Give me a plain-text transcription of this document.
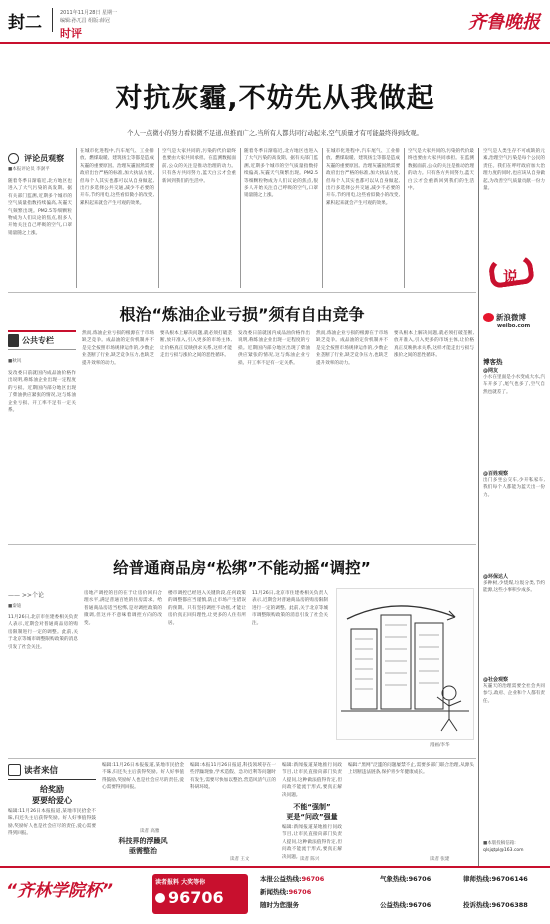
封二	2011年11月28日 星期一
编辑:孙兀昌 组版:薛冠
时评
齐鲁晚报
对抗灰霾,不妨先从我做起
个人一点微小的努力看似微不足道,但推而广之,当所有人都共同行动起来,空气质量才有可能最终得到改观。
评论员观察
■本报评论员 李澍平
随着冬季日渐临近,北方地区也进入了大气污染的高发期。据有关部门监测,近期多个城市的空气质量指数持续偏高,灰霾天气频繁出现。PM2.5等细颗粒物成为人们议论的焦点,很多人开始关注自己呼吸的空气,口罩销量随之上涨。
在城市化进程中,汽车尾气、工业排放、燃煤取暖、建筑扬尘等都是造成灰霾的重要原因。治理灰霾固然需要政府出台严格的标准,加大执法力度,但每个人其实也都可以从自身做起,出行多选择公共交通,减少不必要的开车,节约用电,这些看似微小的改变,累积起来就会产生可观的效果。
空气是大家共同的,污染的代价最终也要由大家共同承担。在监测数据面前,公众的关注是推动治理的动力。只有各方共同努力,蓝天白云才会重新回到我们的生活中。
随着冬季日渐临近,北方地区也进入了大气污染的高发期。据有关部门监测,近期多个城市的空气质量指数持续偏高,灰霾天气频繁出现。PM2.5等细颗粒物成为人们议论的焦点,很多人开始关注自己呼吸的空气,口罩销量随之上涨。
在城市化进程中,汽车尾气、工业排放、燃煤取暖、建筑扬尘等都是造成灰霾的重要原因。治理灰霾固然需要政府出台严格的标准,加大执法力度,但每个人其实也都可以从自身做起,出行多选择公共交通,减少不必要的开车,节约用电,这些看似微小的改变,累积起来就会产生可观的效果。
空气是大家共同的,污染的代价最终也要由大家共同承担。在监测数据面前,公众的关注是推动治理的动力。只有各方共同努力,蓝天白云才会重新回到我们的生活中。
空气是人类生存不可或缺的元素,治理空气污染是每个公民的责任。我们在呼吁政府加大治理力度的同时,也应该从自身做起,为改善空气质量贡献一份力量。
说
新浪微博
weibo.com
博客热
@网友
小水在里面是小水变成大水,汽车开多了,尾气也多了,空气自然也就差了。
@百姓观察
出门多坐公交车,少开私家车,我们每个人都能为蓝天出一份力。
@环保达人
多种树,少烧煤,垃圾分类,节约能源,这些小事积少成多。
@社会观察
灰霾天的治理需要全社会共同参与,政府、企业和个人都有责任。
■本版投稿信箱:
qlsjqtpl@163.com
根治“炼油企业亏损”须有自由竞争
公共专栏
■秋风
发改委日前就国内成品油价格作出说明,称炼油企业出现一定程度的亏损。近期国内部分地区出现了柴油供应紧张的情况,这与炼油企业亏损、开工率不足有一定关系。
然而,炼油企业亏损的根源在于市场缺乏竞争。成品油的定价机制并不是完全按照市场规律运作的,少数企业垄断了行业,缺乏竞争压力,也缺乏提升效率的动力。
要从根本上解决问题,就必须打破垄断,放开准入,引入更多的市场主体,让价格真正反映供求关系,这样才能走出亏损与涨价之间的恶性循环。
发改委日前就国内成品油价格作出说明,称炼油企业出现一定程度的亏损。近期国内部分地区出现了柴油供应紧张的情况,这与炼油企业亏损、开工率不足有一定关系。
然而,炼油企业亏损的根源在于市场缺乏竞争。成品油的定价机制并不是完全按照市场规律运作的,少数企业垄断了行业,缺乏竞争压力,也缺乏提升效率的动力。
要从根本上解决问题,就必须打破垄断,放开准入,引入更多的市场主体,让价格真正反映供求关系,这样才能走出亏损与涨价之间的恶性循环。
给普通商品房“松绑”不能动摇“调控”
—— >>个论
■秦迪
11月26日,北京市住建委相关负责人表示,近期会对普通商品房的购房限制进行一定的调整。此前,关于北京等城市调整限购政策的消息引发了社会关注。
房地产调控的目的在于让房价回归合理水平,满足普通百姓的住房需求。给普通商品房适当松绑,是对调控政策的微调,但这并不意味着调控方向的改变。
楼市调控已经进入关键阶段,任何政策的调整都应当谨慎,防止市场产生错误的预期。只有坚持调控不动摇,才能让房价真正回归理性,让更多的人住有所居。
11月26日,北京市住建委相关负责人表示,近期会对普通商品房的购房限制进行一定的调整。此前,关于北京等城市调整限购政策的消息引发了社会关注。
漫画/李华
读者来信
给奖励
要要给爱心
编辑:11月26日本报报道,某地市民拾金不昧,归还失主后获得奖励。好人好事值得鼓励,奖励好人也是社会应尽的责任,爱心需要得到回报。
编辑:11月26日本报报道,某地市民拾金不昧,归还失主后获得奖励。好人好事值得鼓励,奖励好人也是社会应尽的责任,爱心需要得到回报。
读者 高雅
科技界的浮躁风
亟需整治
编辑:本报11月26日报道,科技领域存在一些浮躁现象,学术造假、急功近利等问题时有发生,需要尽快加以整治,营造风清气正的科研环境。
读者 王文
编辑:新闻报道某地推行问政节目,让市民直接向部门负责人提问,这种做法值得肯定,但问政不能流于形式,要真正解决问题。
不能“强制”
更是“问政”强量
编辑:新闻报道某地推行问政节目,让市民直接向部门负责人提问,这种做法值得肯定,但问政不能流于形式,要真正解决问题。 读者 陈兴
编辑:“黑网”泛滥的问题屡禁不止,需要多部门联合治理,从源头上切断违法链条,保护青少年健康成长。
读者 张建
“齐林学院杯”	读者报料 大奖等你
96706
本报公益热线:96706
新闻热线:96706
随时为您服务
气象热线:96706	律师热线:96706146
公益热线:96706	投诉热线:96706388
